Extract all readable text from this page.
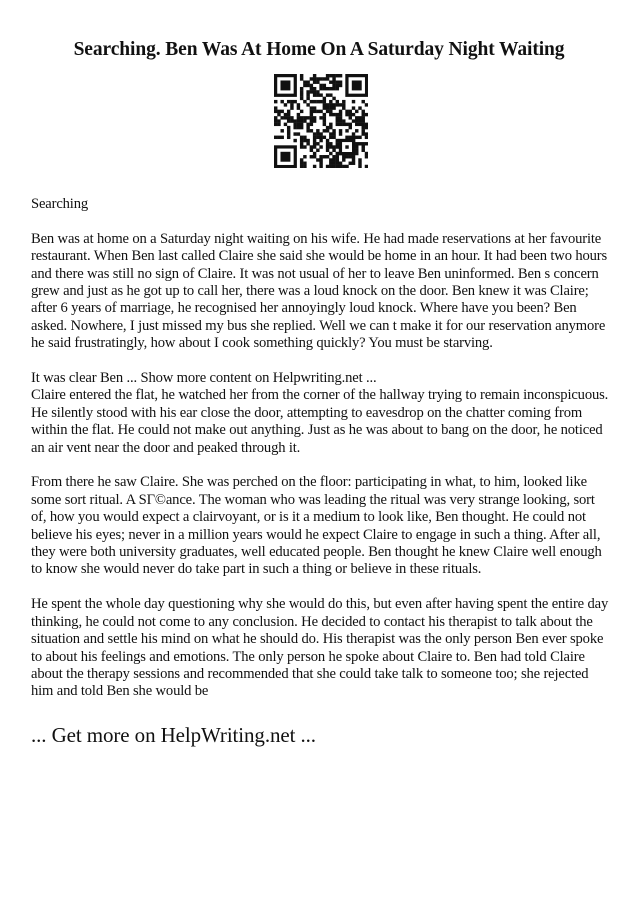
Searching. Ben Was At Home On A Saturday Night Waiting

Searching

Ben was at home on a Saturday night waiting on his wife. He had made reservations at her favourite restaurant. When Ben last called Claire she said she would be home in an hour. It had been two hours and there was still no sign of Claire. It was not usual of her to leave Ben uninformed. Ben s concern grew and just as he got up to call her, there was a loud knock on the door. Ben knew it was Claire; after 6 years of marriage, he recognised her annoyingly loud knock. Where have you been? Ben asked. Nowhere, I just missed my bus she replied. Well we can t make it for our reservation anymore he said frustratingly, how about I cook something quickly? You must be starving.

It was clear Ben ... Show more content on Helpwriting.net ...

Claire entered the flat, he watched her from the corner of the hallway trying to remain inconspicuous. He silently stood with his ear close the door, attempting to eavesdrop on the chatter coming from within the flat. He could not make out anything. Just as he was about to bang on the door, he noticed an air vent near the door and peaked through it.

From there he saw Claire. She was perched on the floor: participating in what, to him, looked like some sort ritual. A SΓ©ance. The woman who was leading the ritual was very strange looking, sort of, how you would expect a clairvoyant, or is it a medium to look like, Ben thought. He could not believe his eyes; never in a million years would he expect Claire to engage in such a thing. After all, they were both university graduates, well educated people. Ben thought he knew Claire well enough to know she would never do take part in such a thing or believe in these rituals.

He spent the whole day questioning why she would do this, but even after having spent the entire day thinking, he could not come to any conclusion. He decided to contact his therapist to talk about the situation and settle his mind on what he should do. His therapist was the only person Ben ever spoke to about his feelings and emotions. The only person he spoke about Claire to. Ben had told Claire about the therapy sessions and recommended that she could take talk to someone too; she rejected him and told Ben she would be

... Get more on HelpWriting.net ...
